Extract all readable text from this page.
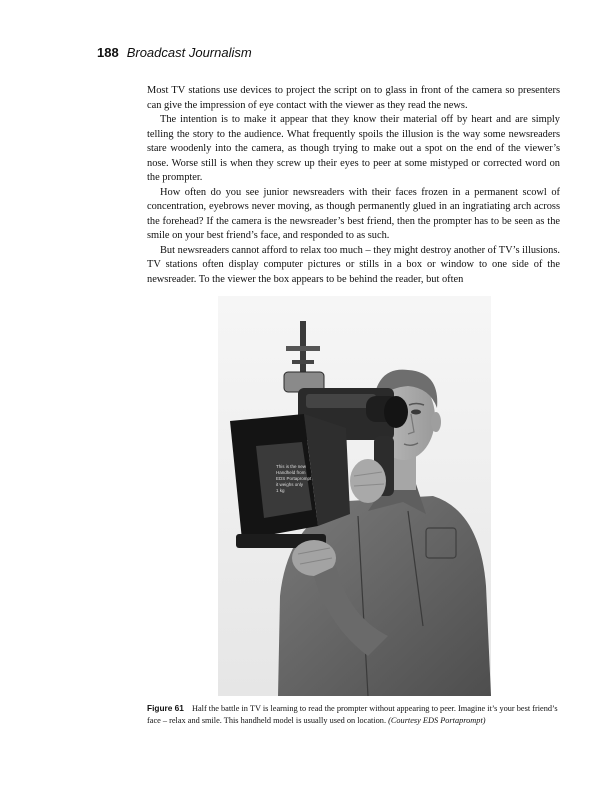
188 Broadcast Journalism

Most TV stations use devices to project the script on to glass in front of the camera so presenters can give the impression of eye contact with the viewer as they read the news.

The intention is to make it appear that they know their material off by heart and are simply telling the story to the audience. What frequently spoils the illusion is the way some newsreaders stare woodenly into the camera, as though trying to make out a spot on the end of the viewer’s nose. Worse still is when they screw up their eyes to peer at some mistyped or corrected word on the prompter.

How often do you see junior newsreaders with their faces frozen in a permanent scowl of concentration, eyebrows never moving, as though permanently glued in an ingratiating arch across the forehead? If the camera is the newsreader’s best friend, then the prompter has to be seen as the smile on your best friend’s face, and responded to as such.

But newsreaders cannot afford to relax too much – they might destroy another of TV’s illusions. TV stations often display computer pictures or stills in a box or window to one side of the newsreader. To the viewer the box appears to be behind the reader, but often

This is the new Handheld from EDS Portaprompt it weighs only 1 kg
Figure 61 Half the battle in TV is learning to read the prompter without appearing to peer. Imagine it’s your best friend’s face – relax and smile. This handheld model is usually used on location. (Courtesy EDS Portaprompt)
